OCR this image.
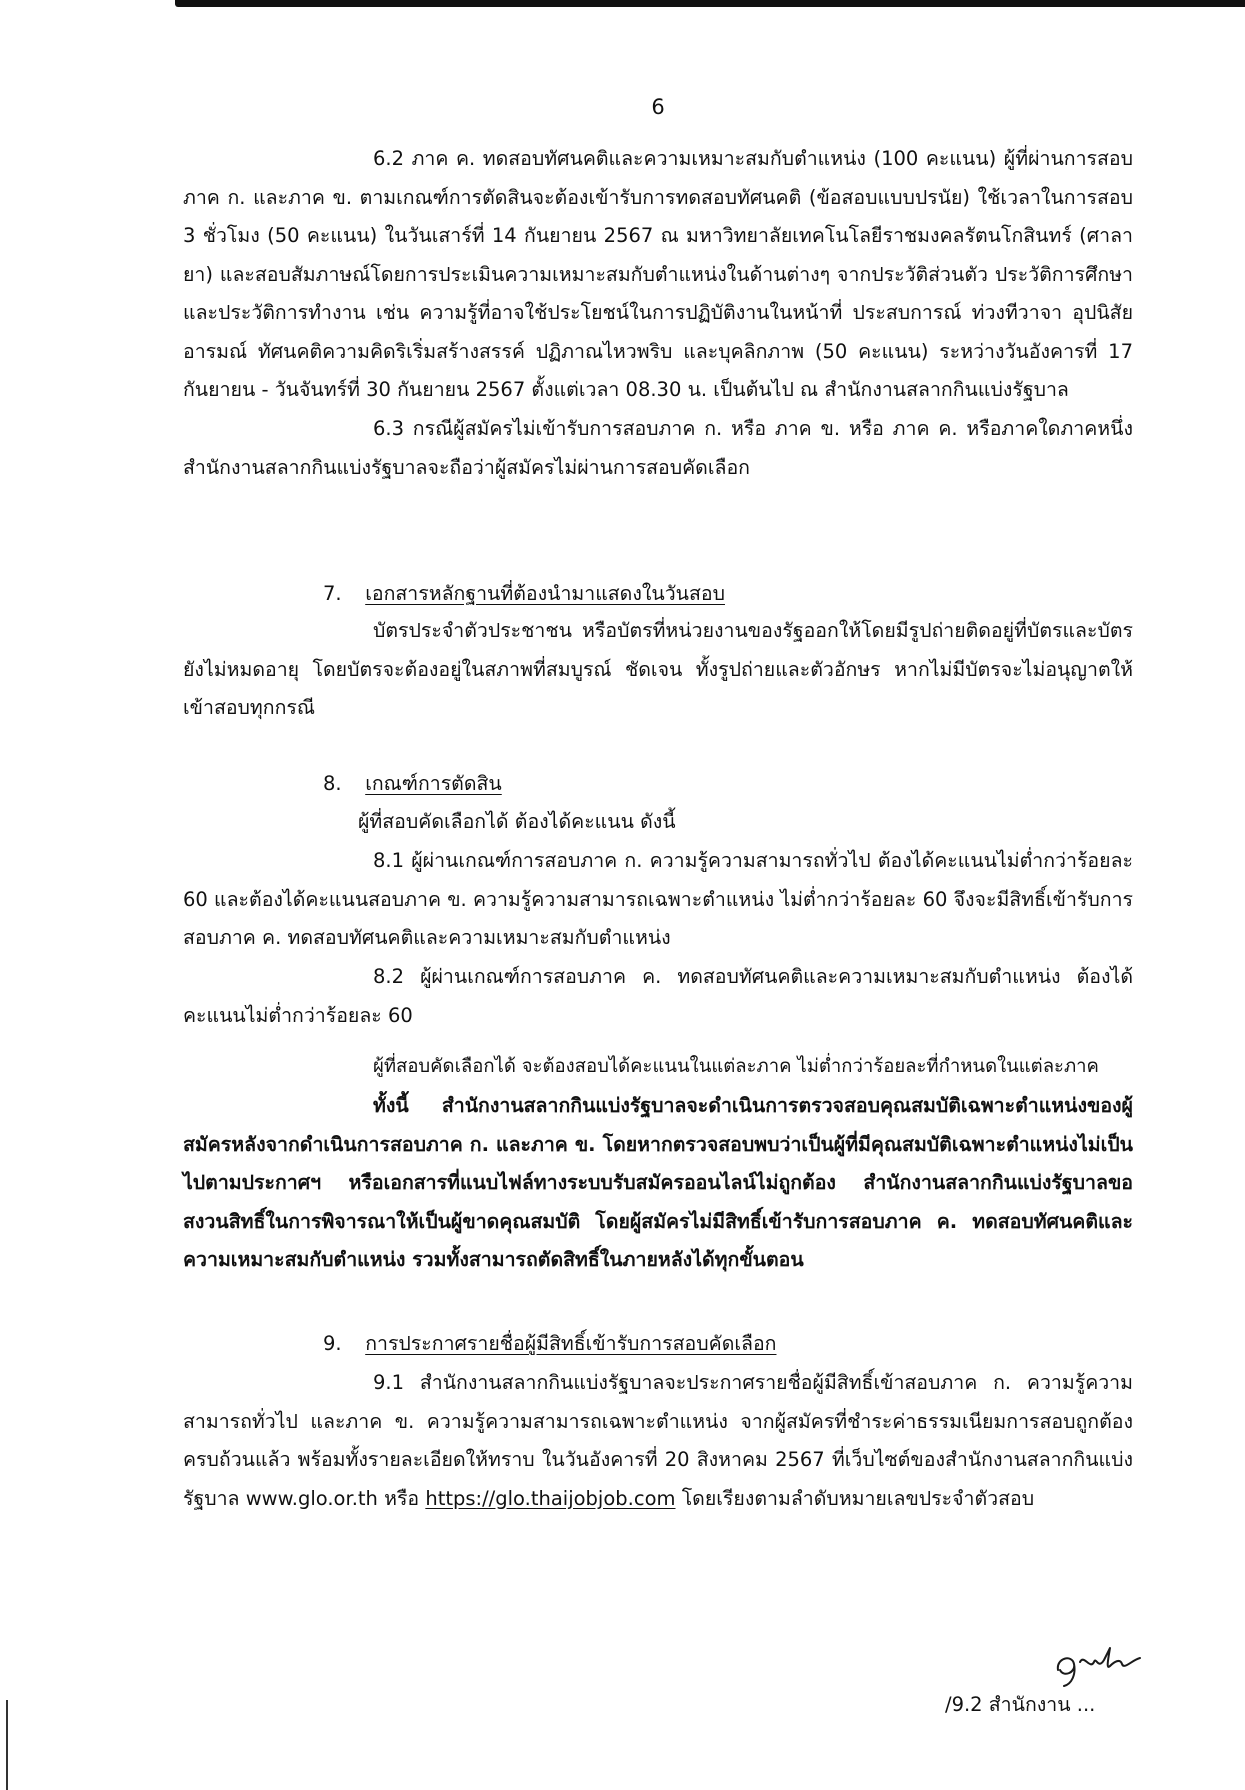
6
6.2 ภาค ค. ทดสอบทัศนคติและความเหมาะสมกับตำแหน่ง (100 คะแนน) ผู้ที่ผ่านการสอบภาค ก. และภาค ข. ตามเกณฑ์การตัดสินจะต้องเข้ารับการทดสอบทัศนคติ (ข้อสอบแบบปรนัย) ใช้เวลาในการสอบ 3 ชั่วโมง (50 คะแนน) ในวันเสาร์ที่ 14 กันยายน 2567 ณ มหาวิทยาลัยเทคโนโลยีราชมงคลรัตนโกสินทร์ (ศาลายา) และสอบสัมภาษณ์โดยการประเมินความเหมาะสมกับตำแหน่งในด้านต่างๆ จากประวัติส่วนตัว ประวัติการศึกษา และประวัติการทำงาน เช่น ความรู้ที่อาจใช้ประโยชน์ในการปฏิบัติงานในหน้าที่ ประสบการณ์ ท่วงทีวาจา อุปนิสัย อารมณ์ ทัศนคติความคิดริเริ่มสร้างสรรค์ ปฏิภาณไหวพริบ และบุคลิกภาพ (50 คะแนน) ระหว่างวันอังคารที่ 17 กันยายน - วันจันทร์ที่ 30 กันยายน 2567 ตั้งแต่เวลา 08.30 น. เป็นต้นไป ณ สำนักงานสลากกินแบ่งรัฐบาล
6.3 กรณีผู้สมัครไม่เข้ารับการสอบภาค ก. หรือ ภาค ข. หรือ ภาค ค. หรือภาคใดภาคหนึ่ง สำนักงานสลากกินแบ่งรัฐบาลจะถือว่าผู้สมัครไม่ผ่านการสอบคัดเลือก
7. เอกสารหลักฐานที่ต้องนำมาแสดงในวันสอบ
บัตรประจำตัวประชาชน หรือบัตรที่หน่วยงานของรัฐออกให้โดยมีรูปถ่ายติดอยู่ที่บัตรและบัตรยังไม่หมดอายุ โดยบัตรจะต้องอยู่ในสภาพที่สมบูรณ์ ชัดเจน ทั้งรูปถ่ายและตัวอักษร หากไม่มีบัตรจะไม่อนุญาตให้เข้าสอบทุกกรณี
8. เกณฑ์การตัดสิน
ผู้ที่สอบคัดเลือกได้ ต้องได้คะแนน ดังนี้
8.1 ผู้ผ่านเกณฑ์การสอบภาค ก. ความรู้ความสามารถทั่วไป ต้องได้คะแนนไม่ต่ำกว่าร้อยละ 60 และต้องได้คะแนนสอบภาค ข. ความรู้ความสามารถเฉพาะตำแหน่ง ไม่ต่ำกว่าร้อยละ 60 จึงจะมีสิทธิ์เข้ารับการสอบภาค ค. ทดสอบทัศนคติและความเหมาะสมกับตำแหน่ง
8.2 ผู้ผ่านเกณฑ์การสอบภาค ค. ทดสอบทัศนคติและความเหมาะสมกับตำแหน่ง ต้องได้คะแนนไม่ต่ำกว่าร้อยละ 60
ผู้ที่สอบคัดเลือกได้ จะต้องสอบได้คะแนนในแต่ละภาค ไม่ต่ำกว่าร้อยละที่กำหนดในแต่ละภาค
ทั้งนี้ สำนักงานสลากกินแบ่งรัฐบาลจะดำเนินการตรวจสอบคุณสมบัติเฉพาะตำแหน่งของผู้สมัครหลังจากดำเนินการสอบภาค ก. และภาค ข. โดยหากตรวจสอบพบว่าเป็นผู้ที่มีคุณสมบัติเฉพาะตำแหน่งไม่เป็นไปตามประกาศฯ หรือเอกสารที่แนบไฟล์ทางระบบรับสมัครออนไลน์ไม่ถูกต้อง สำนักงานสลากกินแบ่งรัฐบาลขอสงวนสิทธิ์ในการพิจารณาให้เป็นผู้ขาดคุณสมบัติ โดยผู้สมัครไม่มีสิทธิ์เข้ารับการสอบภาค ค. ทดสอบทัศนคติและความเหมาะสมกับตำแหน่ง รวมทั้งสามารถตัดสิทธิ์ในภายหลังได้ทุกขั้นตอน
9. การประกาศรายชื่อผู้มีสิทธิ์เข้ารับการสอบคัดเลือก
9.1 สำนักงานสลากกินแบ่งรัฐบาลจะประกาศรายชื่อผู้มีสิทธิ์เข้าสอบภาค ก. ความรู้ความสามารถทั่วไป และภาค ข. ความรู้ความสามารถเฉพาะตำแหน่ง จากผู้สมัครที่ชำระค่าธรรมเนียมการสอบถูกต้อง ครบถ้วนแล้ว พร้อมทั้งรายละเอียดให้ทราบ ในวันอังคารที่ 20 สิงหาคม 2567 ที่เว็บไซต์ของสำนักงานสลากกินแบ่งรัฐบาล www.glo.or.th หรือ https://glo.thaijobjob.com โดยเรียงตามลำดับหมายเลขประจำตัวสอบ
/9.2 สำนักงาน ...
